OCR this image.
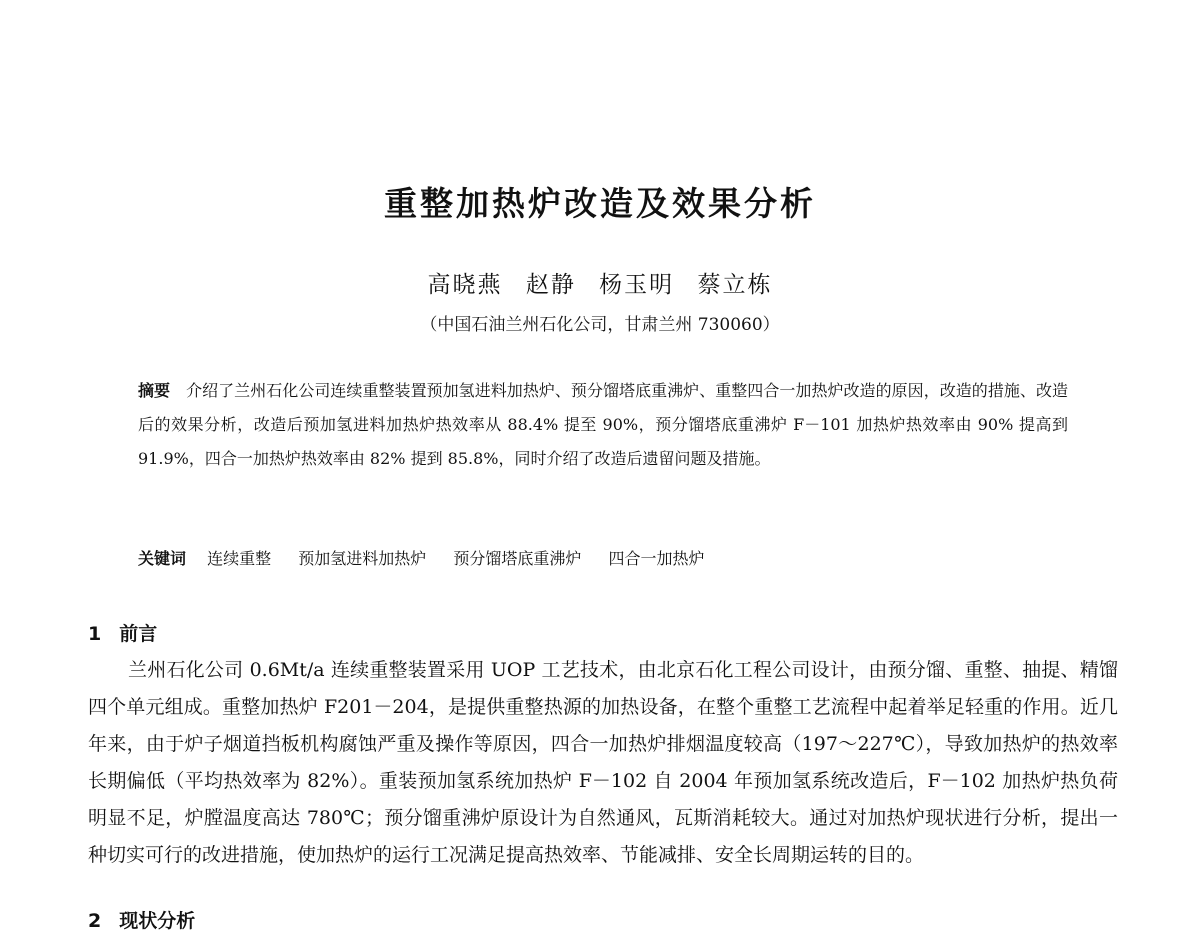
重整加热炉改造及效果分析
高晓燕 赵静 杨玉明 蔡立栋
（中国石油兰州石化公司，甘肃兰州 730060）
摘要 介绍了兰州石化公司连续重整装置预加氢进料加热炉、预分馏塔底重沸炉、重整四合一加热炉改造的原因，改造的措施、改造后的效果分析，改造后预加氢进料加热炉热效率从 88.4% 提至 90%，预分馏塔底重沸炉 F－101 加热炉热效率由 90% 提高到 91.9%，四合一加热炉热效率由 82% 提到 85.8%，同时介绍了改造后遗留问题及措施。
关键词 连续重整 预加氢进料加热炉 预分馏塔底重沸炉 四合一加热炉
1 前言
兰州石化公司 0.6Mt/a 连续重整装置采用 UOP 工艺技术，由北京石化工程公司设计，由预分馏、重整、抽提、精馏四个单元组成。重整加热炉 F201－204，是提供重整热源的加热设备，在整个重整工艺流程中起着举足轻重的作用。近几年来，由于炉子烟道挡板机构腐蚀严重及操作等原因，四合一加热炉排烟温度较高（197～227℃），导致加热炉的热效率长期偏低（平均热效率为 82%）。重装预加氢系统加热炉 F－102 自 2004 年预加氢系统改造后，F－102 加热炉热负荷明显不足，炉膛温度高达 780℃；预分馏重沸炉原设计为自然通风，瓦斯消耗较大。通过对加热炉现状进行分析，提出一种切实可行的改进措施，使加热炉的运行工况满足提高热效率、节能减排、安全长周期运转的目的。
2 现状分析
